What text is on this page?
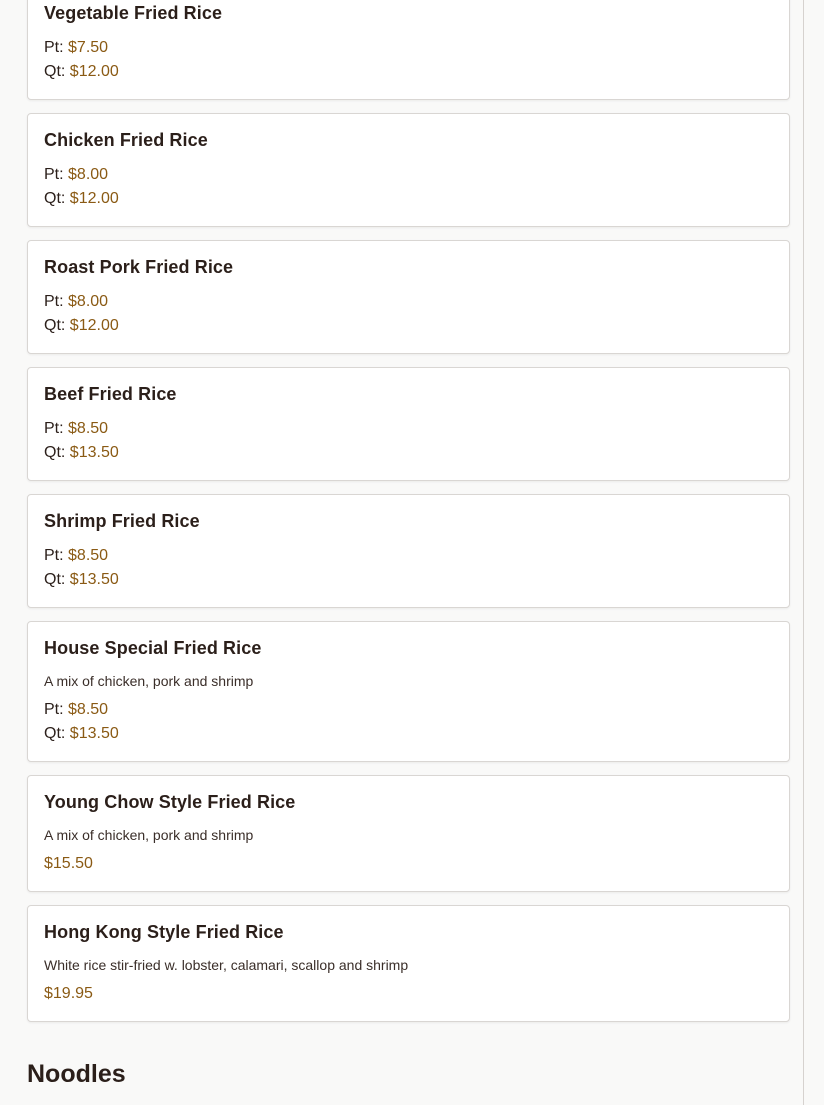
Vegetable Fried Rice
Pt: $7.50
Qt: $12.00
Chicken Fried Rice
Pt: $8.00
Qt: $12.00
Roast Pork Fried Rice
Pt: $8.00
Qt: $12.00
Beef Fried Rice
Pt: $8.50
Qt: $13.50
Shrimp Fried Rice
Pt: $8.50
Qt: $13.50
House Special Fried Rice
A mix of chicken, pork and shrimp
Pt: $8.50
Qt: $13.50
Young Chow Style Fried Rice
A mix of chicken, pork and shrimp
$15.50
Hong Kong Style Fried Rice
White rice stir-fried w. lobster, calamari, scallop and shrimp
$19.95
Noodles
